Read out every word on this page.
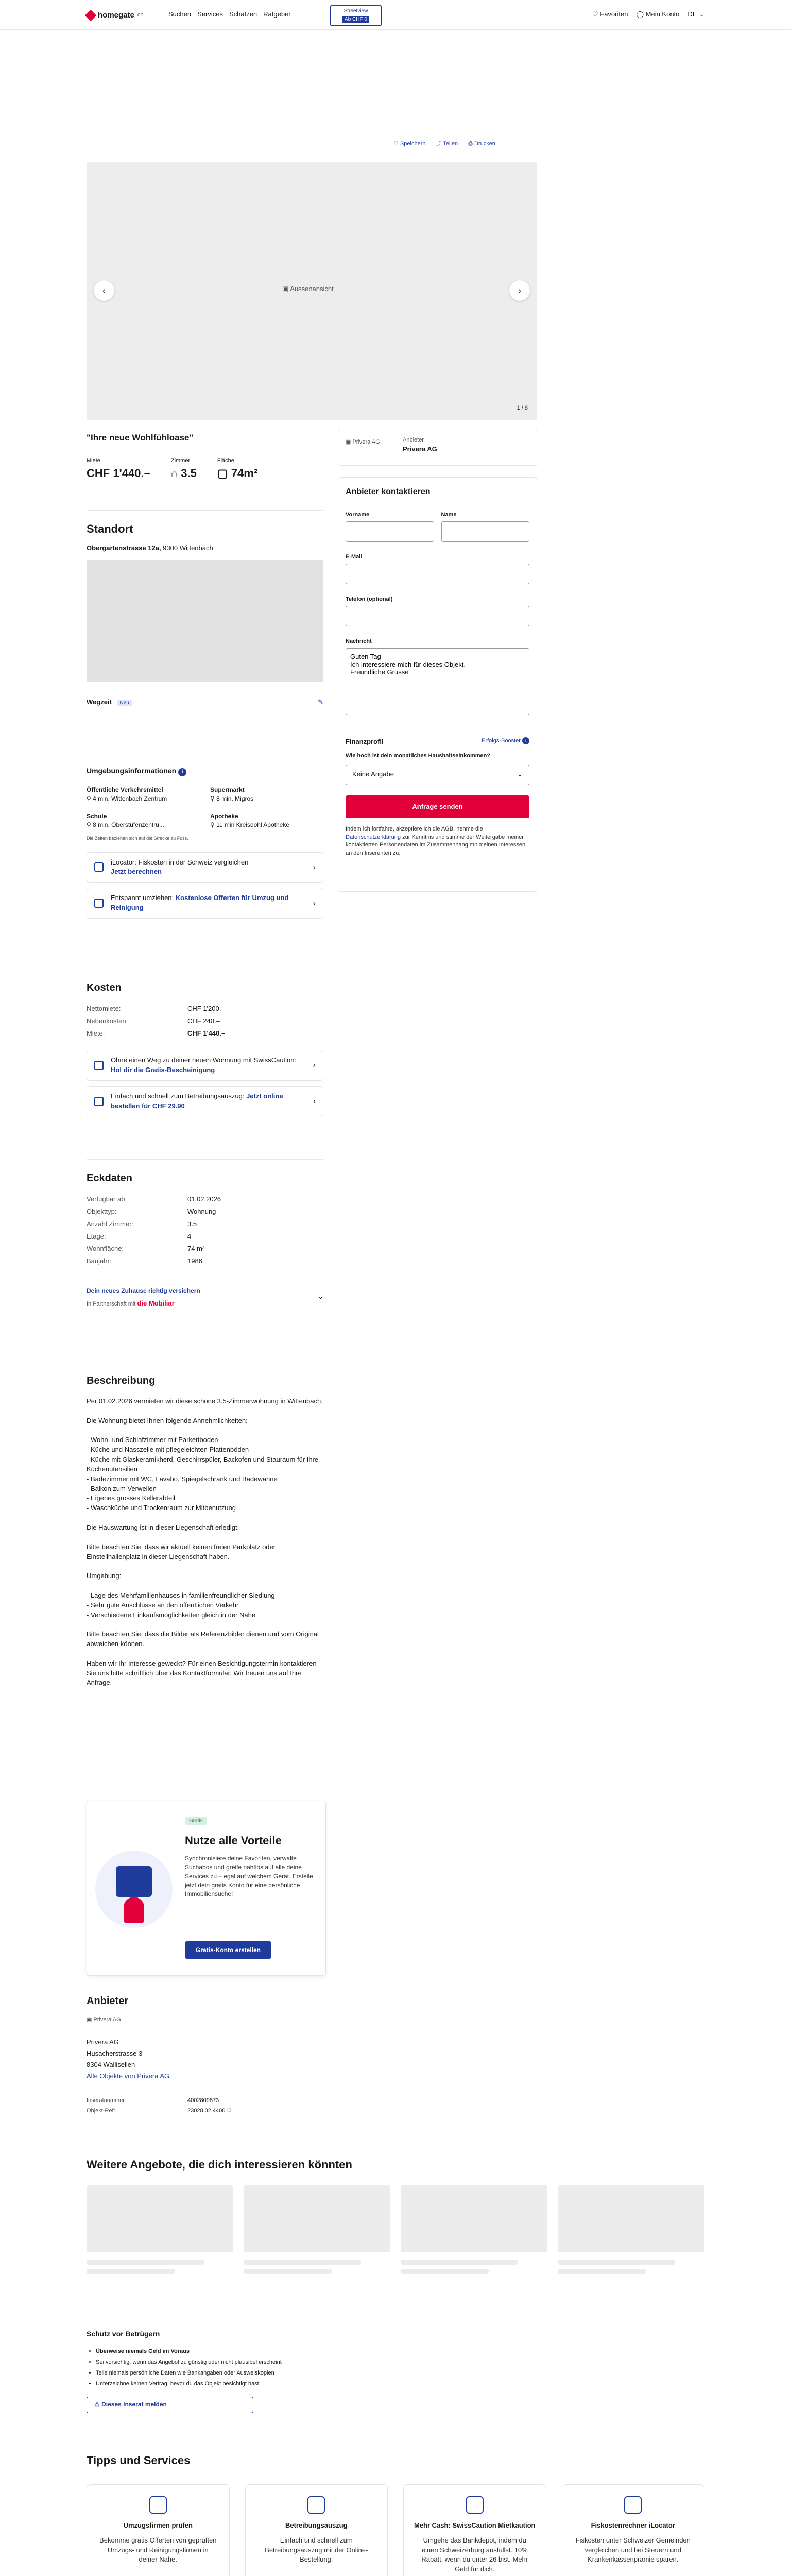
homegate ch	Suchen Services Schätzen Ratgeber	Streetview
Ab CHF 0
♡ Favoriten ◯ Mein Konto DE ⌄
♡ Speichern ⤴ Teilen ⎙ Drucken
▣ Aussenansicht
‹	›
1 / 8
"Ihre neue Wohlfühloase"
Miete
CHF 1'440.–
Zimmer
⌂ 3.5
Fläche
▢ 74m²
Standort
Obergartenstrasse 12a, 9300 Wittenbach
Wegzeit Neu	✎
Umgebungsinformationen i
Öffentliche Verkehrsmittel
⚲ 4 min. Wittenbach Zentrum
Supermarkt
⚲ 8 min. Migros
Schule
⚲ 8 min. Oberstufenzentru...
Apotheke
⚲ 11 min Kreisdohl Apotheke
Die Zeiten beziehen sich auf die Strecke zu Fuss.
iLocator: Fiskosten in der Schweiz vergleichen
Jetzt berechnen
›
Entspannt umziehen: Kostenlose Offerten für Umzug und Reinigung
›
Kosten
Nettomiete:	CHF 1'200.–
Nebenkosten:	CHF 240.–
Miete:	CHF 1'440.–
Ohne einen Weg zu deiner neuen Wohnung mit SwissCaution: Hol dir die Gratis-Bescheinigung
›
Einfach und schnell zum Betreibungsauszug: Jetzt online bestellen für CHF 29.90
›
Eckdaten
Verfügbar ab:	01.02.2026
Objekttyp:	Wohnung
Anzahl Zimmer:	3.5
Etage:	4
Wohnfläche:	74 m²
Baujahr:	1986
Dein neues Zuhause richtig versichern
In Partnerschaft mit die Mobiliar
⌄
Beschreibung

Per 01.02.2026 vermieten wir diese schöne 3.5-Zimmerwohnung in Wittenbach.

Die Wohnung bietet Ihnen folgende Annehmlichkeiten:

- Wohn- und Schlafzimmer mit Parkettboden
- Küche und Nasszelle mit pflegeleichten Plattenböden
- Küche mit Glaskeramikherd, Geschirrspüler, Backofen und Stauraum für Ihre Küchenutensilien
- Badezimmer mit WC, Lavabo, Spiegelschrank und Badewanne
- Balkon zum Verweilen
- Eigenes grosses Kellerabteil
- Waschküche und Trockenraum zur Mitbenutzung

Die Hauswartung ist in dieser Liegenschaft erledigt.

Bitte beachten Sie, dass wir aktuell keinen freien Parkplatz oder Einstellhallenplatz in dieser Liegenschaft haben.

Umgebung:

- Lage des Mehrfamilienhauses in familienfreundlicher Siedlung
- Sehr gute Anschlüsse an den öffentlichen Verkehr
- Verschiedene Einkaufsmöglichkeiten gleich in der Nähe

Bitte beachten Sie, dass die Bilder als Referenzbilder dienen und vom Original abweichen können.

Haben wir Ihr Interesse geweckt? Für einen Besichtigungstermin kontaktieren Sie uns bitte schriftlich über das Kontaktformular. Wir freuen uns auf Ihre Anfrage.

Gratis
Nutze alle Vorteile

Synchronisiere deine Favoriten, verwalte Suchabos und greife nahtlos auf alle deine Services zu – egal auf welchem Gerät. Erstelle jetzt dein gratis Konto für eine persönliche Immobiliensuche!

Gratis-Konto erstellen
Anbieter
▣ Privera AG
Privera AG
Husacherstrasse 3
8304 Wallisellen
Alle Objekte von Privera AG
Inseratnummer:	4002809873
Objekt-Ref:	23028.02.440010
▣ Privera AG	Anbieter
Privera AG
Anbieter kontaktieren
Vorname	Name
E-Mail
Telefon (optional)
Nachricht
Guten Tag Ich interessiere mich für dieses Objekt. Freundliche Grüsse
Finanzprofil	Erfolgs-Booster i
Wie hoch ist dein monatliches Haushaltseinkommen?
Keine Angabe	⌄
Anfrage senden

Indem ich fortfahre, akzeptiere ich die AGB, nehme die Datenschutzerklärung zur Kenntnis und stimme der Weitergabe meiner kontaktierten Personendaten im Zusammenhang mit meinen Interessen an den Inserenten zu.

Weitere Angebote, die dich interessieren könnten
Schutz vor Betrügern
• Überweise niemals Geld im Voraus
• Sei vorsichtig, wenn das Angebot zu günstig oder nicht plausibel erscheint
• Teile niemals persönliche Daten wie Bankangaben oder Ausweiskopien
• Unterzeichne keinen Vertrag, bevor du das Objekt besichtigt hast
⚠ Dieses Inserat melden
Tipps und Services
Umzugsfirmen prüfen

Bekomme gratis Offerten von geprüften Umzugs- und Reinigungsfirmen in deiner Nähe.

Betreibungsauszug

Einfach und schnell zum Betreibungsauszug mit der Online-Bestellung.

Mehr Cash: SwissCaution Mietkaution

Umgehe das Bankdepot, indem du einen Schweizerbürg ausfüllst. 10% Rabatt, wenn du unter 26 bist. Mehr Geld für dich.

Fiskostenrechner iLocator

Fiskosten unter Schweizer Gemeinden vergleichen und bei Steuern und Krankenkassenprämie sparen.
